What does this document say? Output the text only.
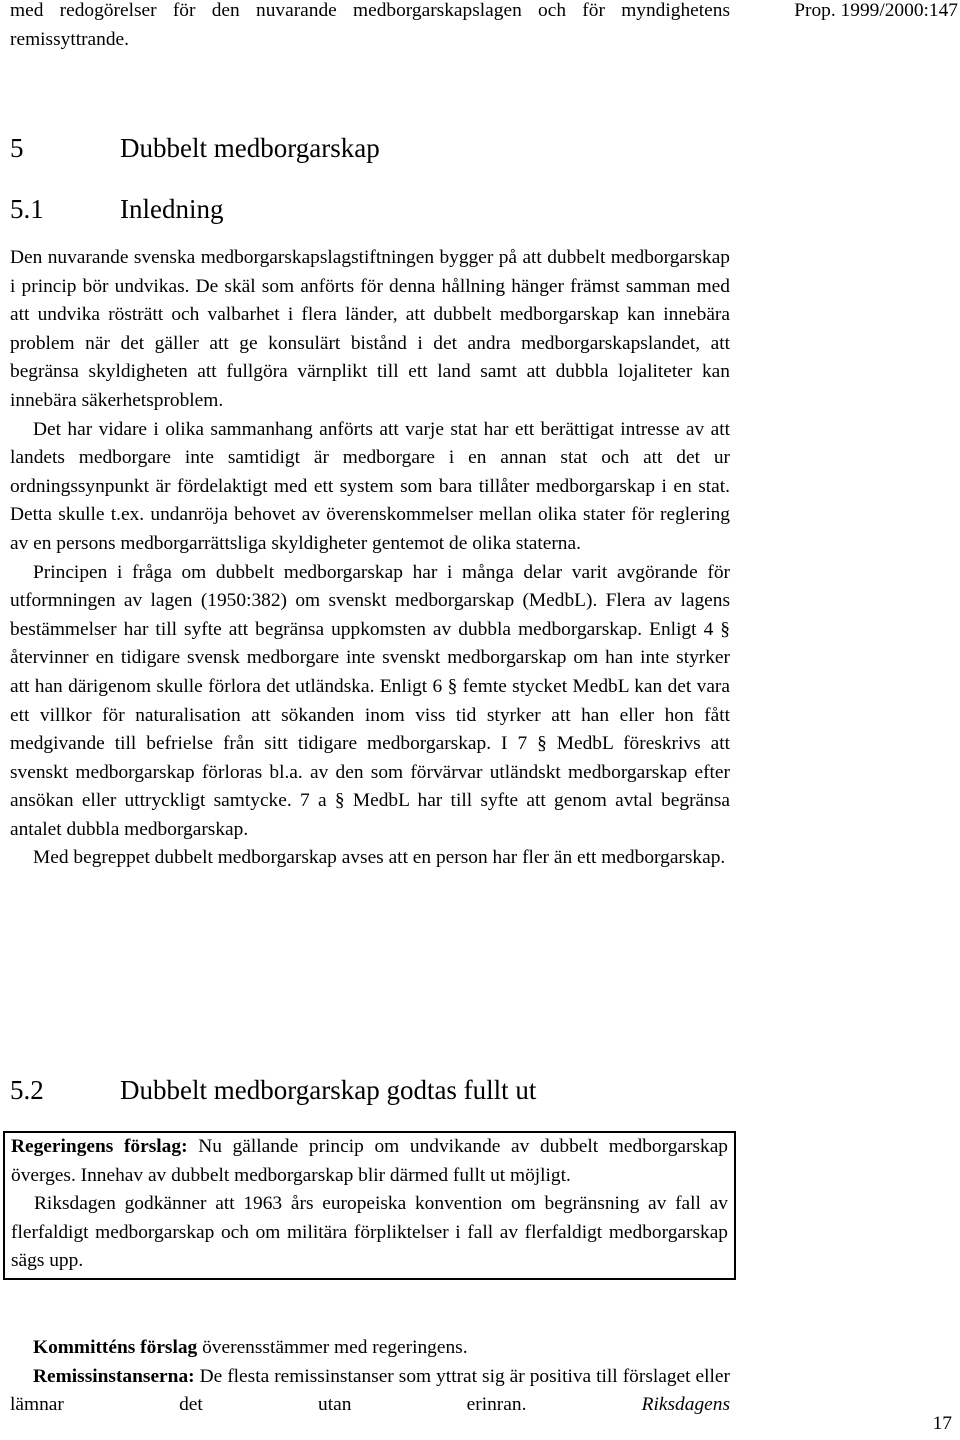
med redogörelser för den nuvarande medborgarskapslagen och för myndighetens remissyttrande.
Prop. 1999/2000:147
5	Dubbelt medborgarskap
5.1	Inledning

Den nuvarande svenska medborgarskapslagstiftningen bygger på att dubbelt medborgarskap i princip bör undvikas. De skäl som anförts för denna hållning hänger främst samman med att undvika rösträtt och valbarhet i flera länder, att dubbelt medborgarskap kan innebära problem när det gäller att ge konsulärt bistånd i det andra medborgarskapslandet, att begränsa skyldigheten att fullgöra värnplikt till ett land samt att dubbla lojaliteter kan innebära säkerhetsproblem.

Det har vidare i olika sammanhang anförts att varje stat har ett berättigat intresse av att landets medborgare inte samtidigt är medborgare i en annan stat och att det ur ordningssynpunkt är fördelaktigt med ett system som bara tillåter medborgarskap i en stat. Detta skulle t.ex. undanröja behovet av överenskommelser mellan olika stater för reglering av en persons medborgarrättsliga skyldigheter gentemot de olika staterna.

Principen i fråga om dubbelt medborgarskap har i många delar varit avgörande för utformningen av lagen (1950:382) om svenskt medborgarskap (MedbL). Flera av lagens bestämmelser har till syfte att begränsa uppkomsten av dubbla medborgarskap. Enligt 4 § återvinner en tidigare svensk medborgare inte svenskt medborgarskap om han inte styrker att han därigenom skulle förlora det utländska. Enligt 6 § femte stycket MedbL kan det vara ett villkor för naturalisation att sökanden inom viss tid styrker att han eller hon fått medgivande till befrielse från sitt tidigare medborgarskap. I 7 § MedbL föreskrivs att svenskt medborgarskap förloras bl.a. av den som förvärvar utländskt medborgarskap efter ansökan eller uttryckligt samtycke. 7 a § MedbL har till syfte att genom avtal begränsa antalet dubbla medborgarskap.

Med begreppet dubbelt medborgarskap avses att en person har fler än ett medborgarskap.

5.2	Dubbelt medborgarskap godtas fullt ut

Regeringens förslag: Nu gällande princip om undvikande av dubbelt medborgarskap överges. Innehav av dubbelt medborgarskap blir därmed fullt ut möjligt.

Riksdagen godkänner att 1963 års europeiska konvention om begränsning av fall av flerfaldigt medborgarskap och om militära förpliktelser i fall av flerfaldigt medborgarskap sägs upp.

Kommitténs förslag överensstämmer med regeringens.

Remissinstanserna: De flesta remissinstanser som yttrat sig är positiva till förslaget eller lämnar det utan erinran. Riksdagens

17
